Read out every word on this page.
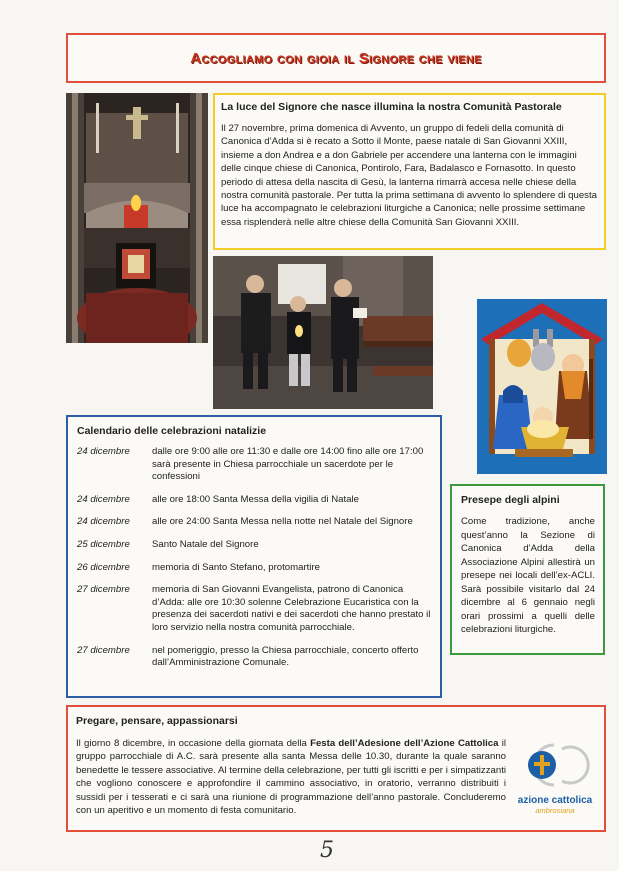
Accogliamo con gioia il Signore che viene
La luce del Signore che nasce illumina la nostra Comunità Pastorale
Il 27 novembre, prima domenica di Avvento, un gruppo di fedeli della comunità di Canonica d’Adda si è recato a Sotto il Monte, paese natale di San Giovanni XXIII, insieme a don Andrea e a don Gabriele per accendere una lanterna con le immagini delle cinque chiese di Canonica, Pontirolo, Fara, Badalasco e Fornasotto. In questo periodo di attesa della nascita di Gesù, la lanterna rimarrà accesa nelle chiese della nostra comunità pastorale. Per tutta la prima settimana di avvento lo splendere di questa luce ha accompagnato le celebrazioni liturgiche a Canonica; nelle prossime settimane essa risplenderà nelle altre chiese della Comunità San Giovanni XXIII.
Calendario delle celebrazioni natalizie
24 dicembre	dalle ore 9:00 alle ore 11:30 e dalle ore 14:00 fino alle ore 17:00 sarà presente in Chiesa parrocchiale un sacerdote per le confessioni
24 dicembre	alle ore 18:00 Santa Messa della vigilia di Natale
24 dicembre	alle ore 24:00 Santa Messa nella notte nel Natale del Signore
25 dicembre	Santo Natale del Signore
26 dicembre	memoria di Santo Stefano, protomartire
27 dicembre	memoria di San Giovanni Evangelista, patrono di Canonica d’Adda: alle ore 10:30 solenne Celebrazione Eucaristica con la presenza dei sacerdoti nativi e dei sacerdoti che hanno prestato il loro servizio nella nostra comunità parrocchiale.
27 dicembre	nel pomeriggio, presso la Chiesa parrocchiale, concerto offerto dall’Amministrazione Comunale.
Presepe degli alpini
Come tradizione, anche quest’anno la Sezione di Canonica d’Adda della Associazione Alpini allestirà un presepe nei locali dell’ex-ACLI. Sarà possibile visitarlo dal 24 dicembre al 6 gennaio negli orari prossimi a quelli delle celebrazioni liturgiche.
Pregare, pensare, appassionarsi
Il giorno 8 dicembre, in occasione della giornata della Festa dell’Adesione dell’Azione Cattolica il gruppo parrocchiale di A.C. sarà presente alla santa Messa delle 10.30, durante la quale saranno benedette le tessere associative. Al termine della celebrazione, per tutti gli iscritti e per i simpatizzanti che vogliono conoscere e approfondire il cammino associativo, in oratorio, verranno distribuiti i sussidi per i tesserati e ci sarà una riunione di programmazione dell’anno pastorale. Concluderemo con un aperitivo e un momento di festa comunitario.
azione cattolica
ambrosiana
5
